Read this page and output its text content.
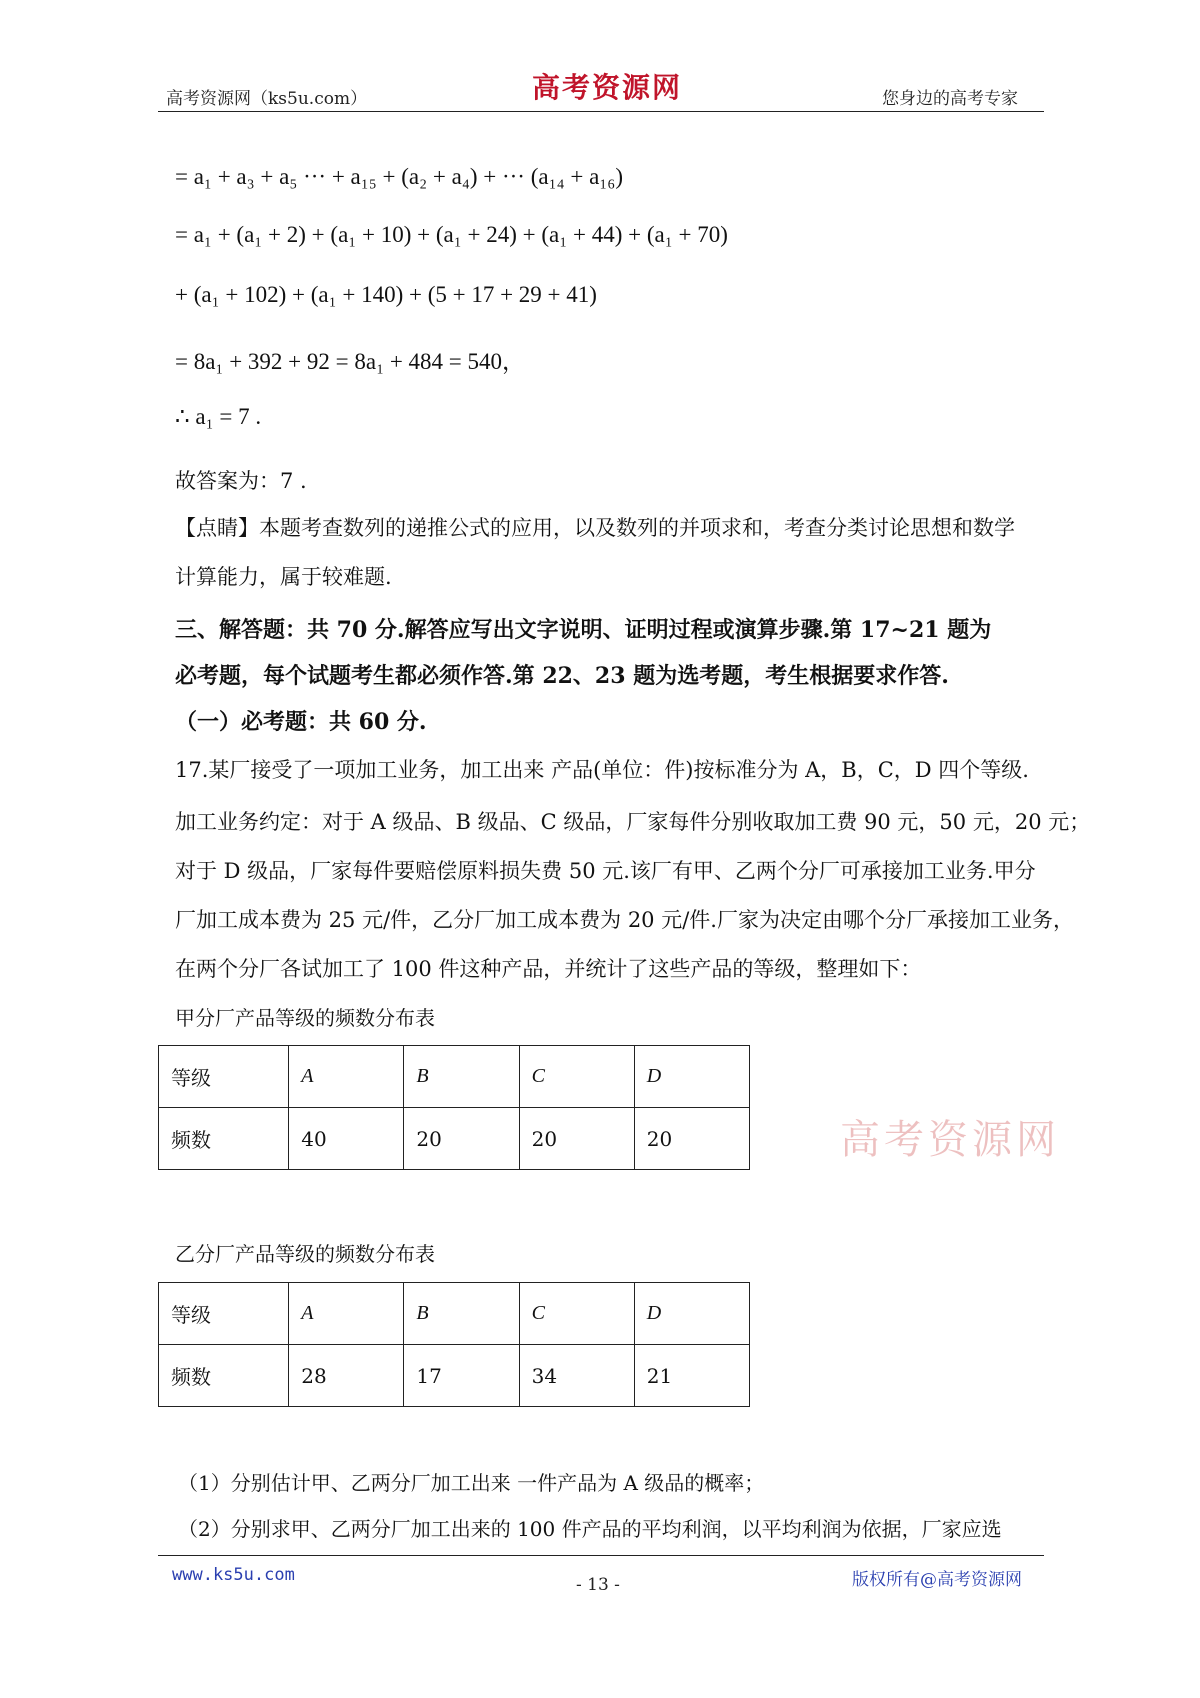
高考资源网（ks5u.com）	高考资源网	您身边的高考专家
= a₁ + a₃ + a₅ ··· + a₁₅ + (a₂ + a₄) + ··· (a₁₄ + a₁₆)
= a₁ + (a₁ + 2) + (a₁ + 10) + (a₁ + 24) + (a₁ + 44) + (a₁ + 70)
+ (a₁ + 102) + (a₁ + 140) + (5 + 17 + 29 + 41)
= 8a₁ + 392 + 92 = 8a₁ + 484 = 540，
∴ a₁ = 7 .
故答案为：7 .
【点睛】本题考查数列的递推公式的应用，以及数列的并项求和，考查分类讨论思想和数学
计算能力，属于较难题.
三、解答题：共 70 分.解答应写出文字说明、证明过程或演算步骤.第 17~21 题为
必考题，每个试题考生都必须作答.第 22、23 题为选考题，考生根据要求作答.
（一）必考题：共 60 分.
17.某厂接受了一项加工业务，加工出来 产品(单位：件)按标准分为 A，B，C，D 四个等级.
加工业务约定：对于 A 级品、B 级品、C 级品，厂家每件分别收取加工费 90 元，50 元，20 元；
对于 D 级品，厂家每件要赔偿原料损失费 50 元.该厂有甲、乙两个分厂可承接加工业务.甲分
厂加工成本费为 25 元/件，乙分厂加工成本费为 20 元/件.厂家为决定由哪个分厂承接加工业务，
在两个分厂各试加工了 100 件这种产品，并统计了这些产品的等级，整理如下：
甲分厂产品等级的频数分布表
等级	A	B	C	D
频数	40	20	20	20	高考资源网
乙分厂产品等级的频数分布表
等级	A	B	C	D
频数	28	17	34	21
（1）分别估计甲、乙两分厂加工出来 一件产品为 A 级品的概率；
（2）分别求甲、乙两分厂加工出来的 100 件产品的平均利润，以平均利润为依据，厂家应选
www.ks5u.com	- 13 -	版权所有@高考资源网
